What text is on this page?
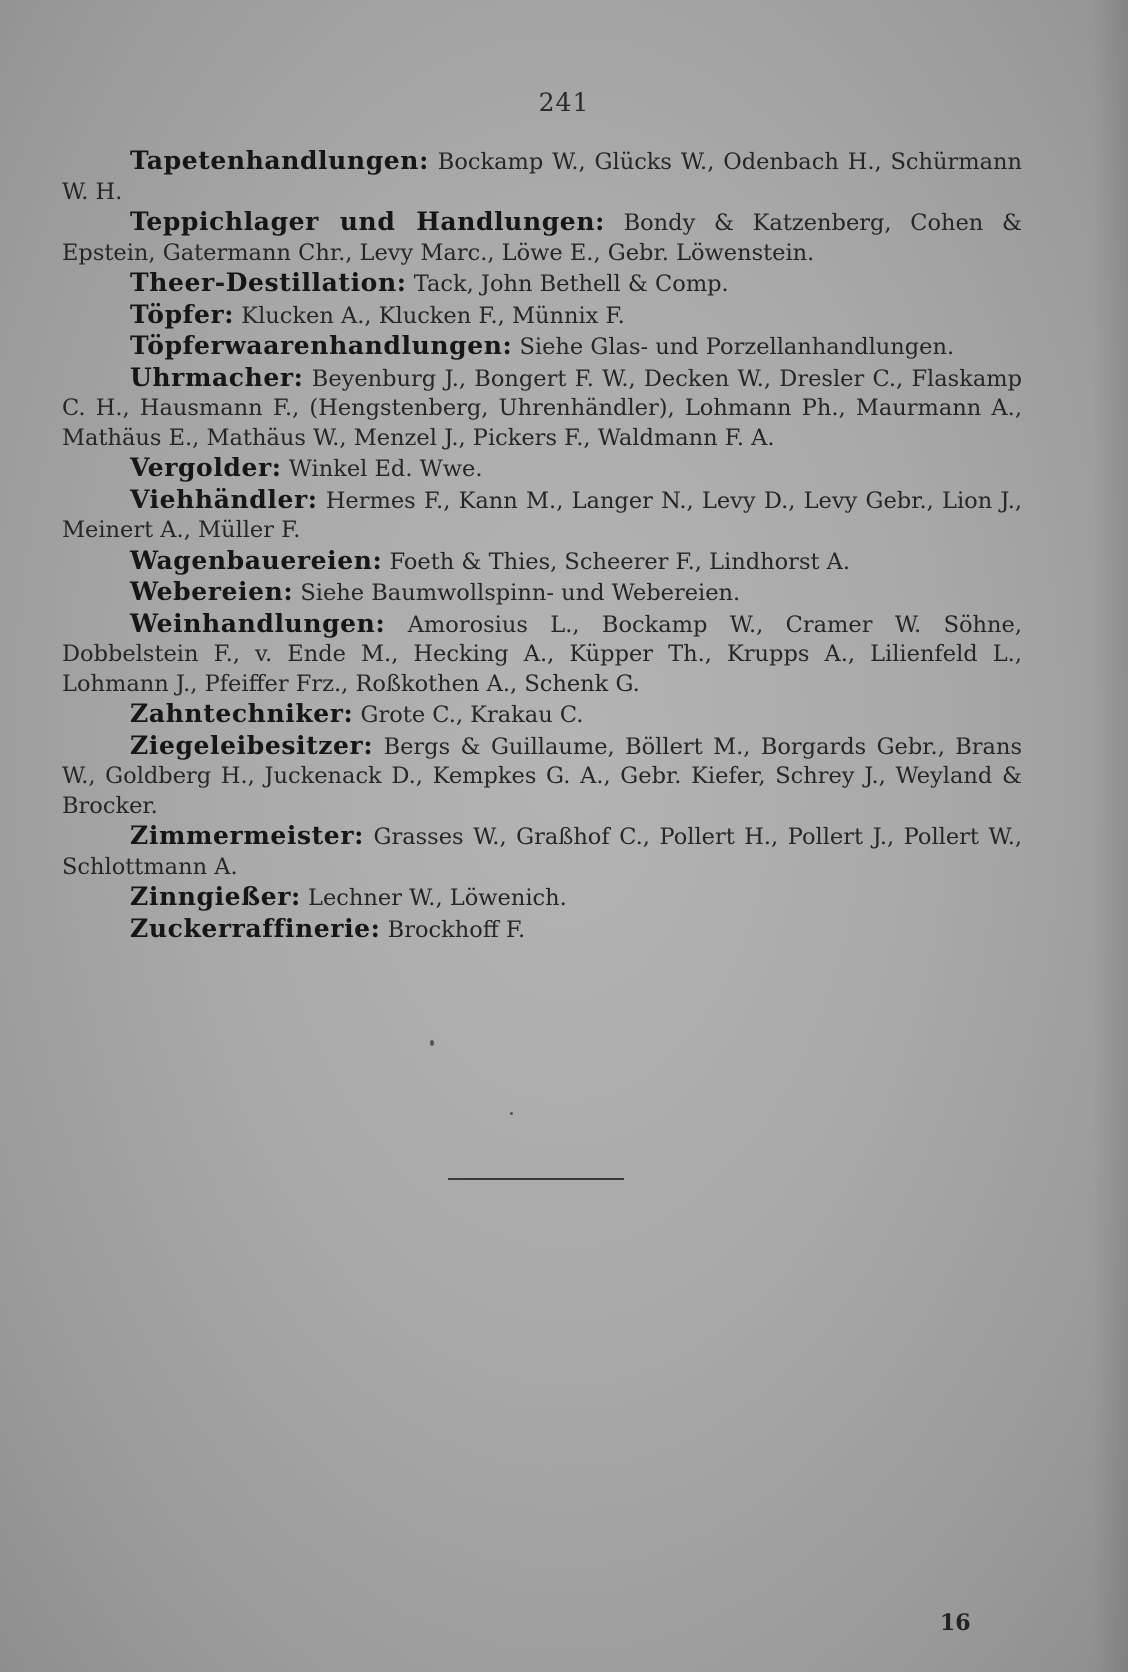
241

Tapetenhandlungen: Bockamp W., Glücks W., Odenbach H., Schürmann W. H.

Teppichlager und Handlungen: Bondy & Katzenberg, Cohen & Epstein, Gatermann Chr., Levy Marc., Löwe E., Gebr. Löwenstein.

Theer-Destillation: Tack, John Bethell & Comp.

Töpfer: Klucken A., Klucken F., Münnix F.

Töpferwaarenhandlungen: Siehe Glas- und Porzellanhandlungen.

Uhrmacher: Beyenburg J., Bongert F. W., Decken W., Dresler C., Flaskamp C. H., Hausmann F., (Hengstenberg, Uhrenhändler), Lohmann Ph., Maurmann A., Mathäus E., Mathäus W., Menzel J., Pickers F., Waldmann F. A.

Vergolder: Winkel Ed. Wwe.

Viehhändler: Hermes F., Kann M., Langer N., Levy D., Levy Gebr., Lion J., Meinert A., Müller F.

Wagenbauereien: Foeth & Thies, Scheerer F., Lindhorst A.

Webereien: Siehe Baumwollspinn- und Webereien.

Weinhandlungen: Amorosius L., Bockamp W., Cramer W. Söhne, Dobbelstein F., v. Ende M., Hecking A., Küpper Th., Krupps A., Lilienfeld L., Lohmann J., Pfeiffer Frz., Roßkothen A., Schenk G.

Zahntechniker: Grote C., Krakau C.

Ziegeleibesitzer: Bergs & Guillaume, Böllert M., Borgards Gebr., Brans W., Goldberg H., Juckenack D., Kempkes G. A., Gebr. Kiefer, Schrey J., Weyland & Brocker.

Zimmermeister: Grasses W., Graßhof C., Pollert H., Pollert J., Pollert W., Schlottmann A.

Zinngießer: Lechner W., Löwenich.

Zuckerraffinerie: Brockhoff F.

16
